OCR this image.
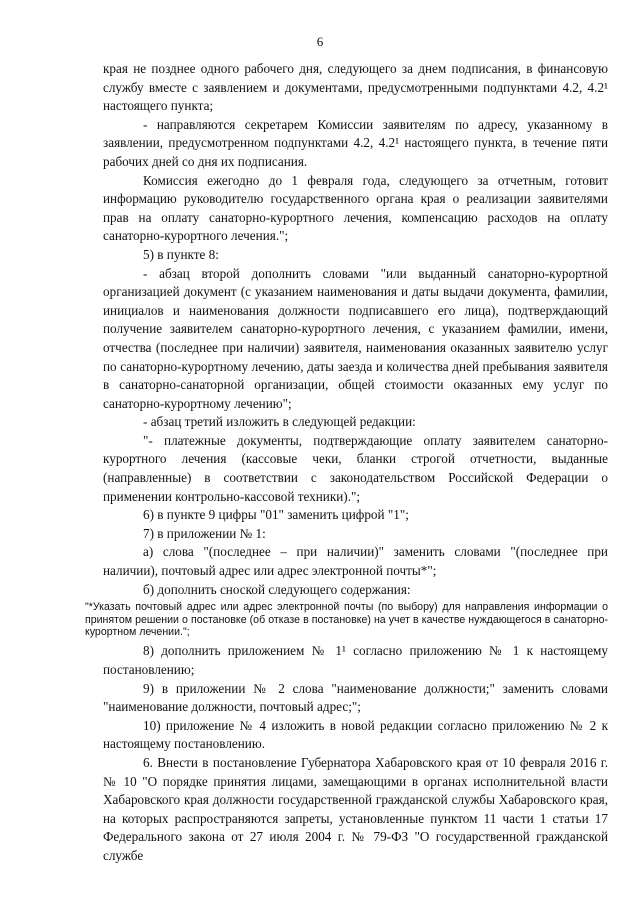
6

края не позднее одного рабочего дня, следующего за днем подписания, в финансовую службу вместе с заявлением и документами, предусмотренными подпунктами 4.2, 4.2¹ настоящего пункта;

- направляются секретарем Комиссии заявителям по адресу, указанному в заявлении, предусмотренном подпунктами 4.2, 4.2¹ настоящего пункта, в течение пяти рабочих дней со дня их подписания.

Комиссия ежегодно до 1 февраля года, следующего за отчетным, готовит информацию руководителю государственного органа края о реализации заявителями прав на оплату санаторно-курортного лечения, компенсацию расходов на оплату санаторно-курортного лечения.";

5) в пункте 8:

- абзац второй дополнить словами "или выданный санаторно-курортной организацией документ (с указанием наименования и даты выдачи документа, фамилии, инициалов и наименования должности подписавшего его лица), подтверждающий получение заявителем санаторно-курортного лечения, с указанием фамилии, имени, отчества (последнее при наличии) заявителя, наименования оказанных заявителю услуг по санаторно-курортному лечению, даты заезда и количества дней пребывания заявителя в санаторно-санаторной организации, общей стоимости оказанных ему услуг по санаторно-курортному лечению";

- абзац третий изложить в следующей редакции:

"- платежные документы, подтверждающие оплату заявителем санаторно-курортного лечения (кассовые чеки, бланки строгой отчетности, выданные (направленные) в соответствии с законодательством Российской Федерации о применении контрольно-кассовой техники).";

6) в пункте 9 цифры "01" заменить цифрой "1";

7) в приложении № 1:

а) слова "(последнее – при наличии)" заменить словами "(последнее при наличии), почтовый адрес или адрес электронной почты*";

б) дополнить сноской следующего содержания:

"*Указать почтовый адрес или адрес электронной почты (по выбору) для направления информации о принятом решении о постановке (об отказе в постановке) на учет в качестве нуждающегося в санаторно-курортном лечении.";

8) дополнить приложением № 1¹ согласно приложению № 1 к настоящему постановлению;

9) в приложении № 2 слова "наименование должности;" заменить словами "наименование должности, почтовый адрес;";

10) приложение № 4 изложить в новой редакции согласно приложению № 2 к настоящему постановлению.

6. Внести в постановление Губернатора Хабаровского края от 10 февраля 2016 г. № 10 "О порядке принятия лицами, замещающими в органах исполнительной власти Хабаровского края должности государственной гражданской службы Хабаровского края, на которых распространяются запреты, установленные пунктом 11 части 1 статьи 17 Федерального закона от 27 июля 2004 г. № 79-ФЗ "О государственной гражданской службе
